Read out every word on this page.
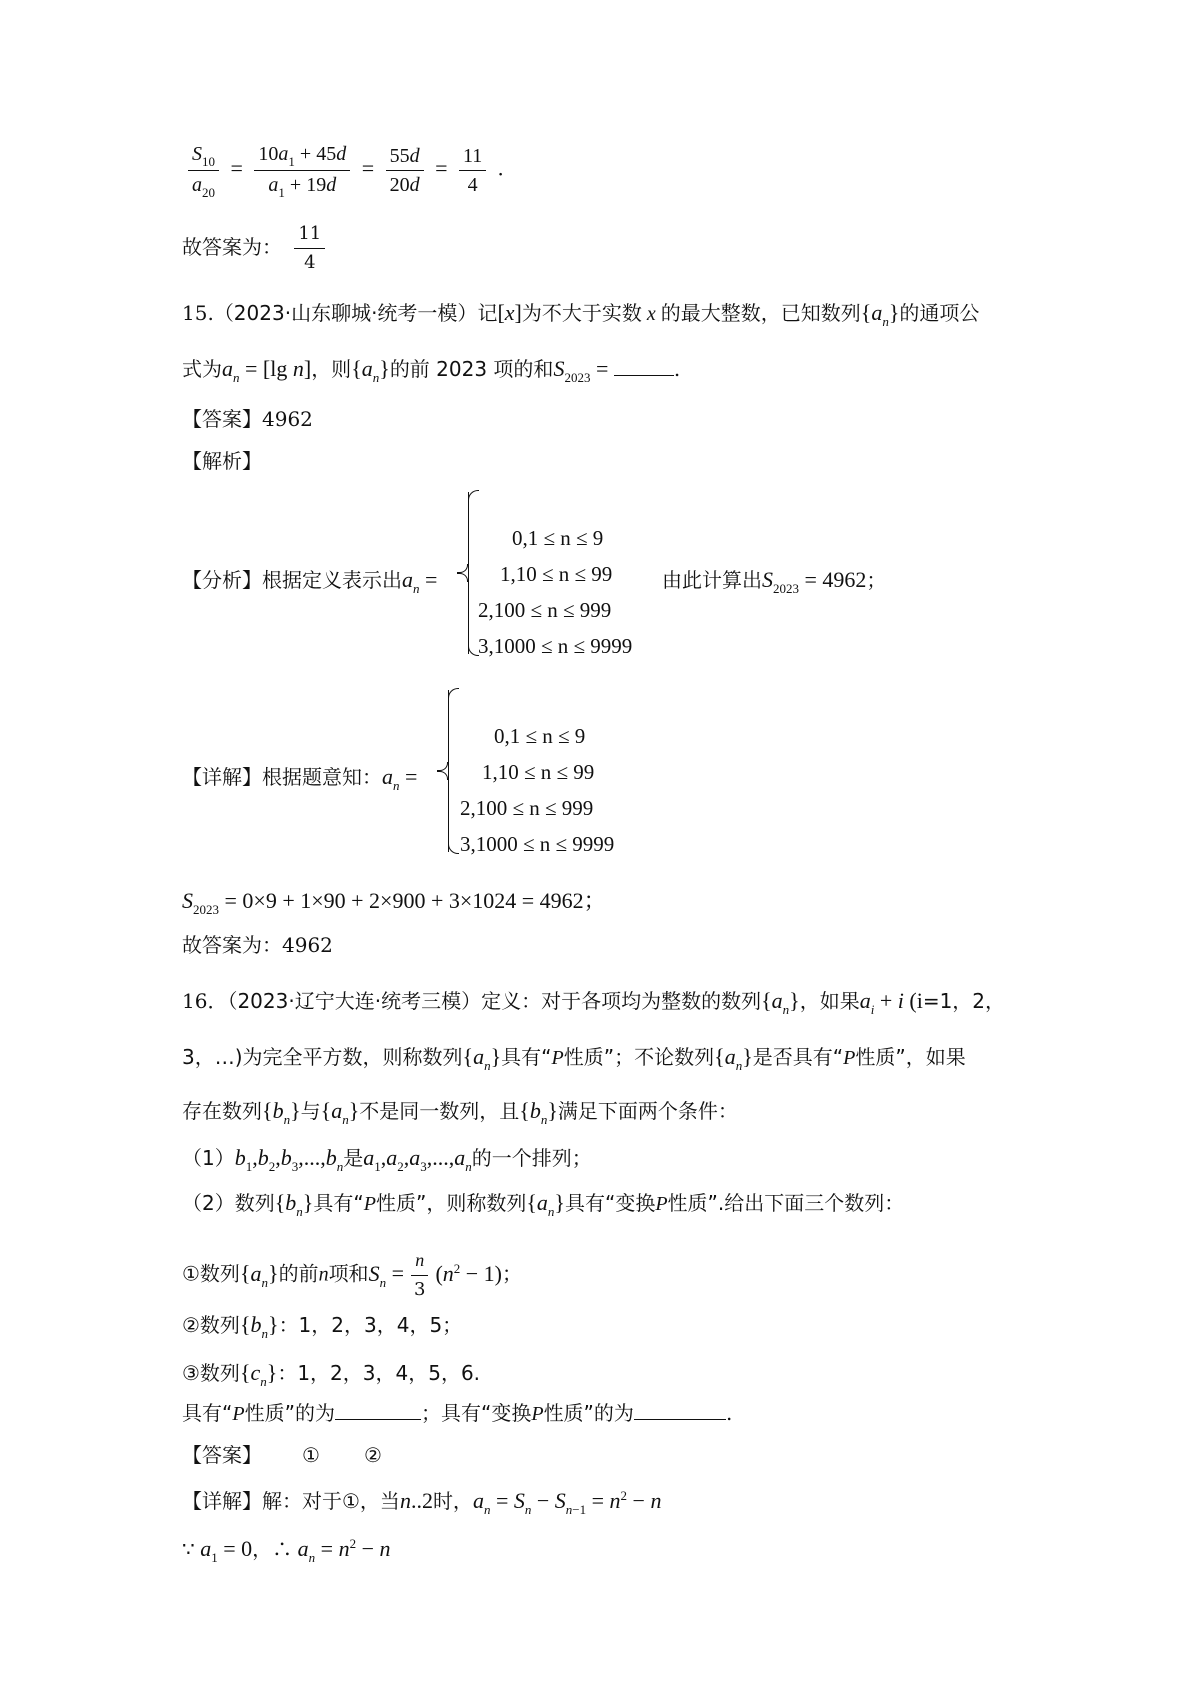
$\frac{S_{10}}{a_{20}} = \frac{10a_1 + 45d}{a_1 + 19d} = \frac{55d}{20d} = \frac{11}{4}$ .
故答案为： $\frac{11}{4}$
15.（2023·山东聊城·统考一模）记[x]为不大于实数 x 的最大整数，已知数列$\{a_n\}$的通项公
式为$a_n = [\lg$ n]，则$\{a_n\}$的前 2023 项的和$S_{2023}$ =	.
【答案】4962
【解析】
【分析】根据定义表示出$a_n$ =
0,1 ≤ n ≤ 9
1,10 ≤ n ≤ 99
2,100 ≤ n ≤ 999
3,1000 ≤ n ≤ 9999
由此计算出$S_{2023} = 4962$；
【详解】根据题意知：$a_n$ =
0,1 ≤ n ≤ 9
1,10 ≤ n ≤ 99
2,100 ≤ n ≤ 999
3,1000 ≤ n ≤ 9999
$S_{2023} = 0\times 9 + 1\times 90 + 2\times 900 + 3\times 1024 = 4962$；
故答案为：4962
16．（2023·辽宁大连·统考三模）定义：对于各项均为整数的数列$\{a_n\}$，如果$a_i + i$ (i=1，2，
3，…)为完全平方数，则称数列$\{a_n\}$具有“P性质”；不论数列$\{a_n\}$是否具有“P性质”，如果
存在数列$\{b_n\}$与$\{a_n\}$不是同一数列，且$\{b_n\}$满足下面两个条件：
$(1)b_1,b_2,b_3,...,b_n$是$a_1,a_2,a_3,...,a_n$的一个排列；
（2）数列$\{b_n\}$具有“P性质”，则称数列$\{a_n\}$具有“变换P性质”.给出下面三个数列：
①数列$\{a_n\}$的前n项和$S_n = \frac{n}{3} (n^2 - 1)$；
②数列$\{b_n\}$：1，2，3，4，5；
③数列$\{c_n\}$：1，2，3，4，5，6.
具有“P性质”的为	；具有“变换P性质”的为	.
【答案】 ① ②
【详解】解：对于①，当n..2时，$a_n = S_n - S_{n-1} = n^2 - n$
∵ $a_1 = 0$，∴ $a_n = n^2 - n$
